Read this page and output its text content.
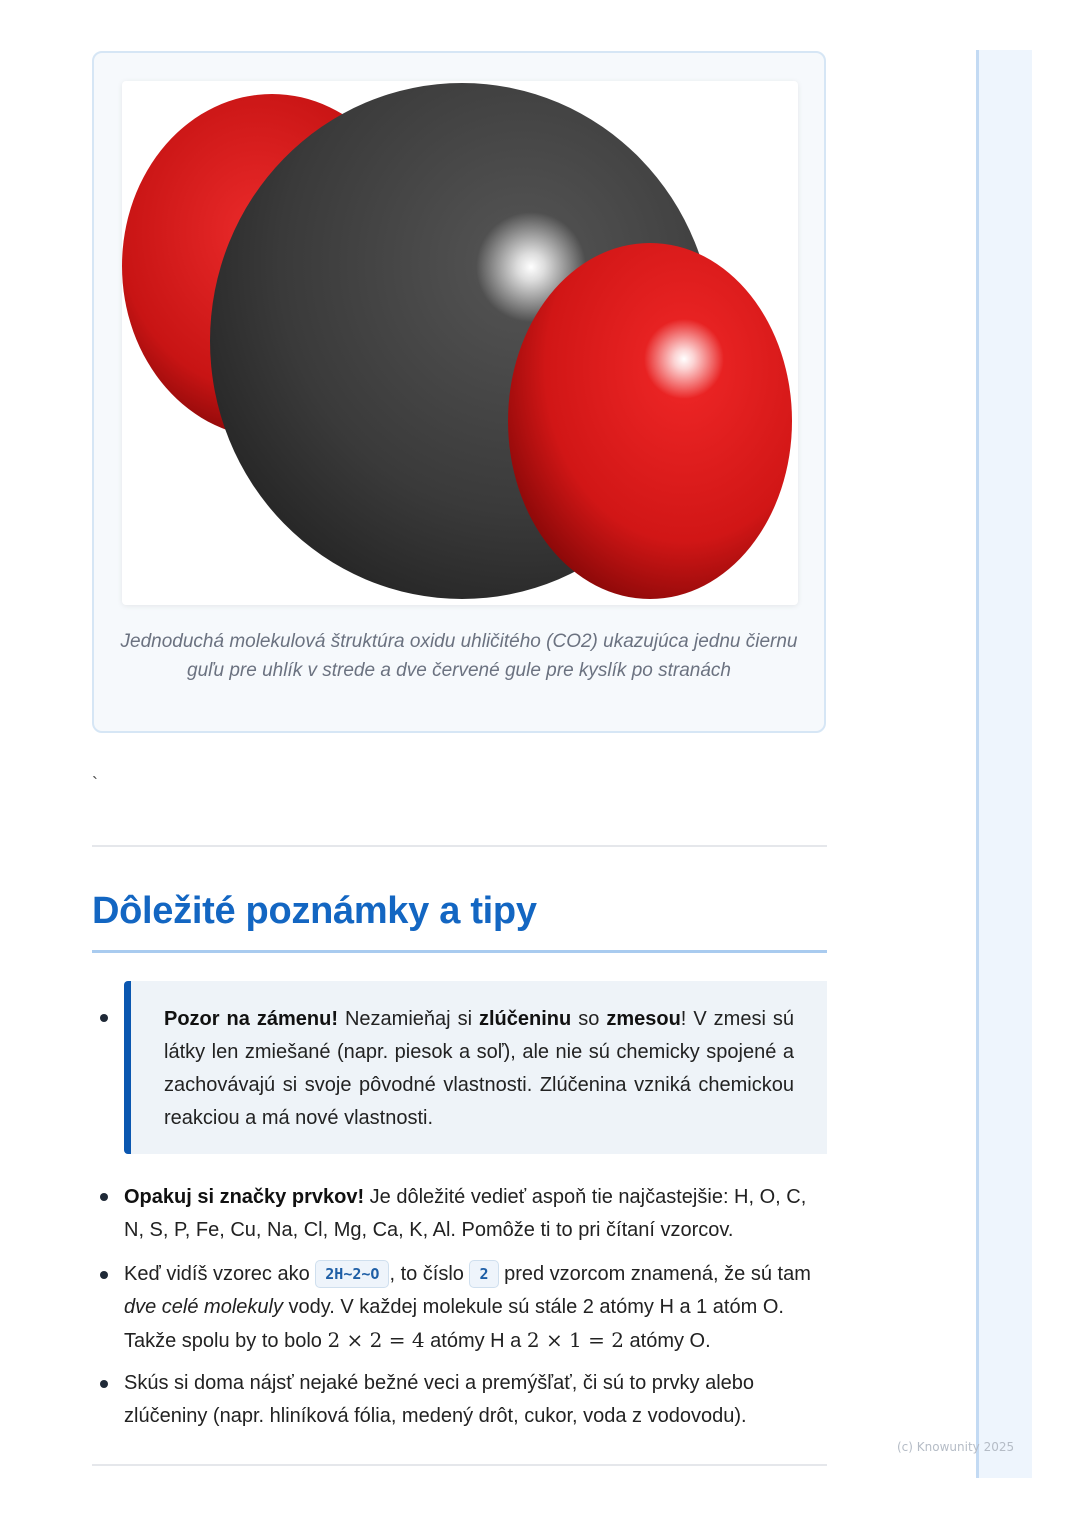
(c) Knowunity 2025
Jednoduchá molekulová štruktúra oxidu uhličitého (CO2) ukazujúca jednu čiernu guľu pre uhlík v strede a dve červené gule pre kyslík po stranách
`
Dôležité poznámky a tipy
Pozor na zámenu! Nezamieňaj si zlúčeninu so zmesou! V zmesi sú látky len zmiešané (napr. piesok a soľ), ale nie sú chemicky spojené a zachovávajú si svoje pôvodné vlastnosti. Zlúčenina vzniká chemickou reakciou a má nové vlastnosti.
Opakuj si značky prvkov! Je dôležité vedieť aspoň tie najčastejšie: H, O, C, N, S, P, Fe, Cu, Na, Cl, Mg, Ca, K, Al. Pomôže ti to pri čítaní vzorcov.
Keď vidíš vzorec ako 2H~2~O , to číslo 2 pred vzorcom znamená, že sú tam dve celé molekuly vody. V každej molekule sú stále 2 atómy H a 1 atóm O. Takže spolu by to bolo 2 × 2 = 4 atómy H a 2 × 1 = 2 atómy O.
Skús si doma nájsť nejaké bežné veci a premýšľať, či sú to prvky alebo zlúčeniny (napr. hliníková fólia, medený drôt, cukor, voda z vodovodu).
